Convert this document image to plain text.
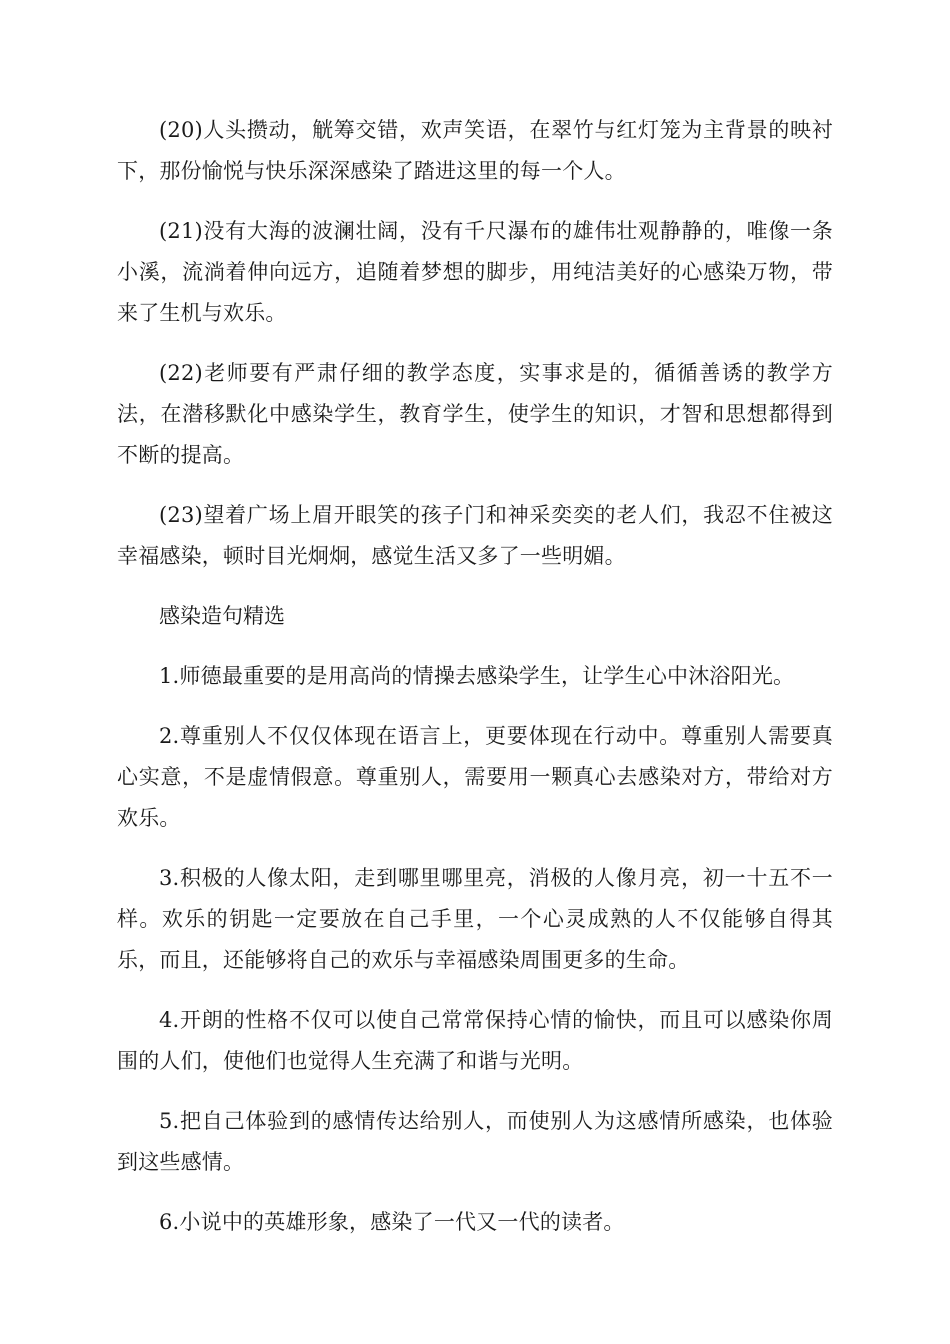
(20)人头攒动，觥筹交错，欢声笑语，在翠竹与红灯笼为主背景的映衬下，那份愉悦与快乐深深感染了踏进这里的每一个人。

(21)没有大海的波澜壮阔，没有千尺瀑布的雄伟壮观静静的，唯像一条小溪，流淌着伸向远方，追随着梦想的脚步，用纯洁美好的心感染万物，带来了生机与欢乐。

(22)老师要有严肃仔细的教学态度，实事求是的，循循善诱的教学方法，在潜移默化中感染学生，教育学生，使学生的知识，才智和思想都得到不断的提高。

(23)望着广场上眉开眼笑的孩子门和神采奕奕的老人们，我忍不住被这幸福感染，顿时目光炯炯，感觉生活又多了一些明媚。

感染造句精选

1.师德最重要的是用高尚的情操去感染学生，让学生心中沐浴阳光。

2.尊重别人不仅仅体现在语言上，更要体现在行动中。尊重别人需要真心实意，不是虚情假意。尊重别人，需要用一颗真心去感染对方，带给对方欢乐。

3.积极的人像太阳，走到哪里哪里亮，消极的人像月亮，初一十五不一样。欢乐的钥匙一定要放在自己手里，一个心灵成熟的人不仅能够自得其乐，而且，还能够将自己的欢乐与幸福感染周围更多的生命。

4.开朗的性格不仅可以使自己常常保持心情的愉快，而且可以感染你周围的人们，使他们也觉得人生充满了和谐与光明。

5.把自己体验到的感情传达给别人，而使别人为这感情所感染，也体验到这些感情。

6.小说中的英雄形象，感染了一代又一代的读者。
